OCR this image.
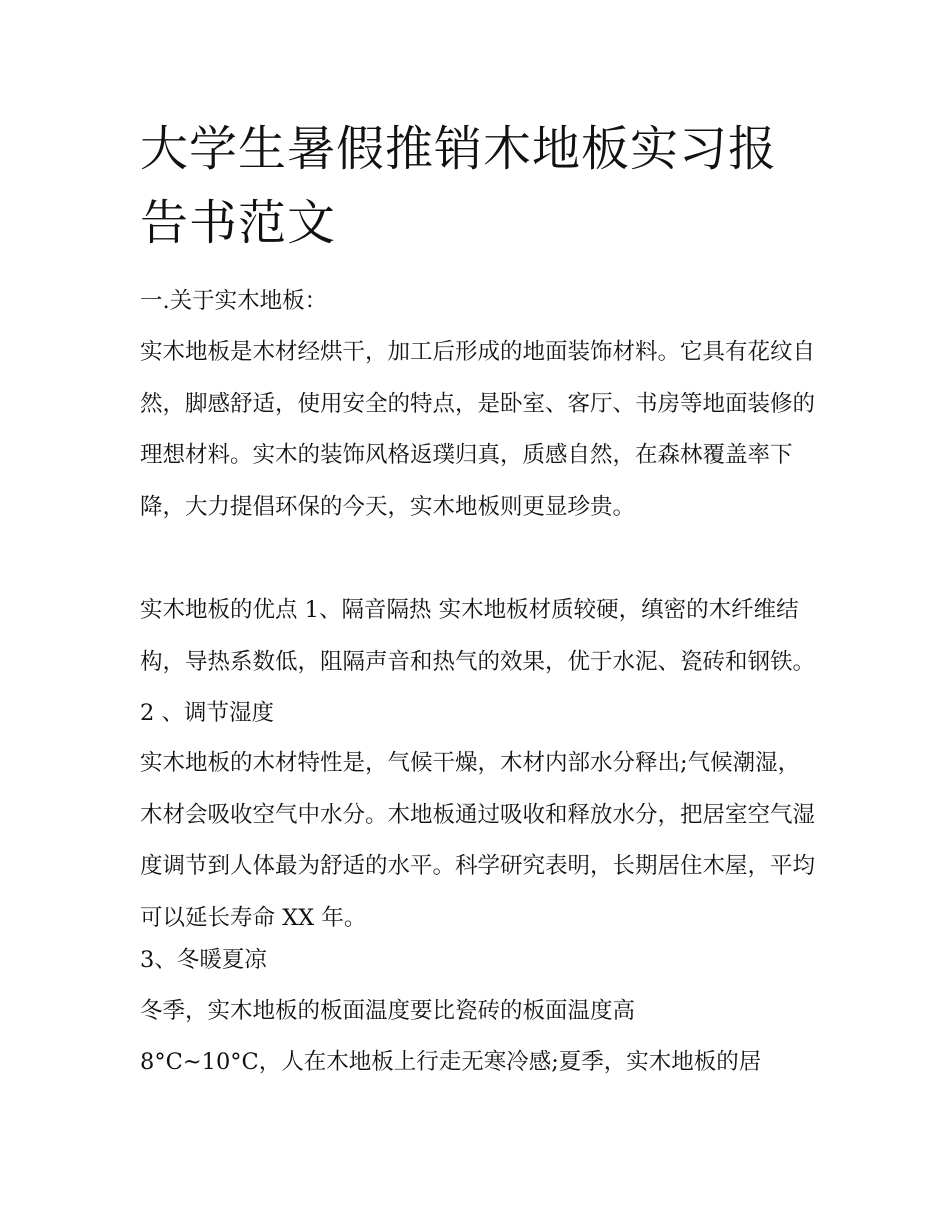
大学生暑假推销木地板实习报告书范文

一.关于实木地板：

实木地板是木材经烘干，加工后形成的地面装饰材料。它具有花纹自然，脚感舒适，使用安全的特点，是卧室、客厅、书房等地面装修的理想材料。实木的装饰风格返璞归真，质感自然，在森林覆盖率下降，大力提倡环保的今天，实木地板则更显珍贵。

实木地板的优点 1、隔音隔热 实木地板材质较硬，缜密的木纤维结构，导热系数低，阻隔声音和热气的效果，优于水泥、瓷砖和钢铁。 2 、调节湿度

实木地板的木材特性是，气候干燥，木材内部水分释出;气候潮湿，木材会吸收空气中水分。木地板通过吸收和释放水分，把居室空气湿度调节到人体最为舒适的水平。科学研究表明，长期居住木屋，平均可以延长寿命 XX 年。

3、冬暖夏凉

冬季，实木地板的板面温度要比瓷砖的板面温度高

8°C~10°C，人在木地板上行走无寒冷感;夏季，实木地板的居
